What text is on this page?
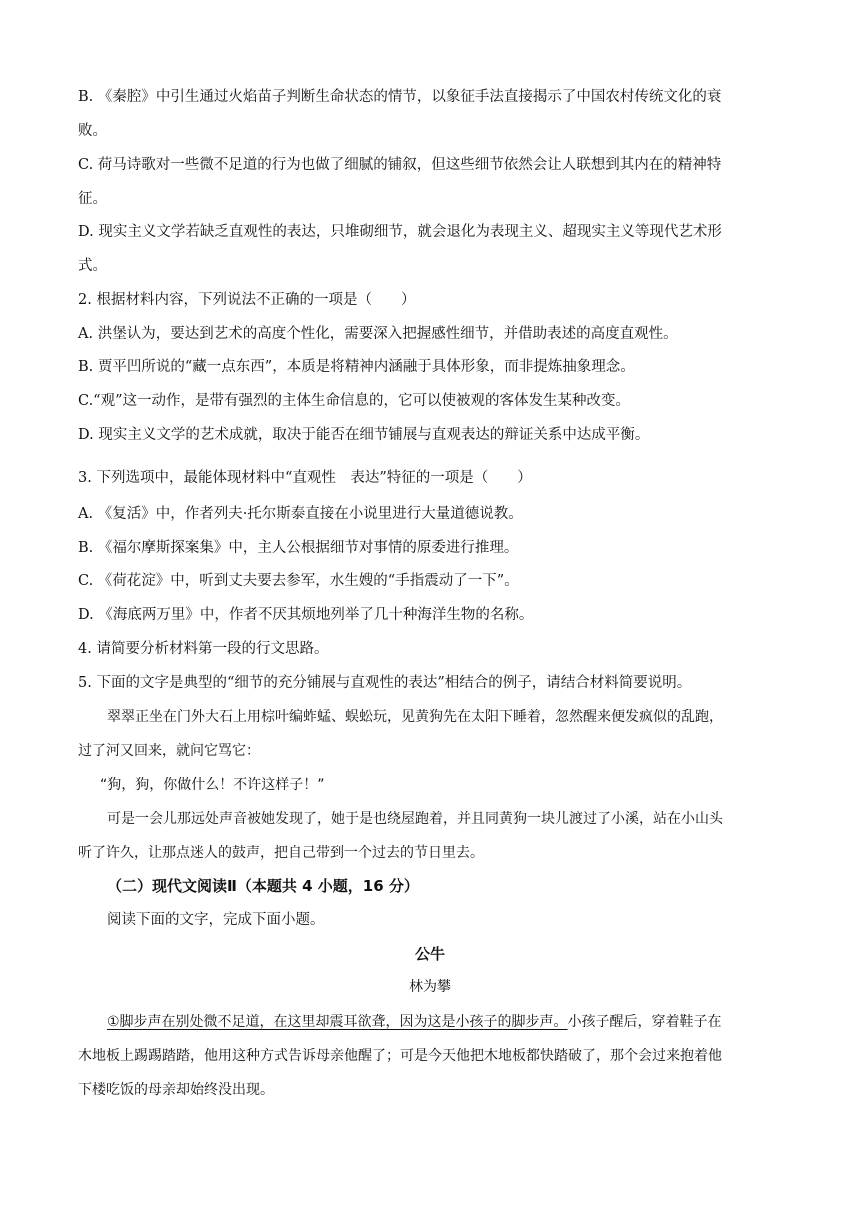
B. 《秦腔》中引生通过火焰苗子判断生命状态的情节，以象征手法直接揭示了中国农村传统文化的衰
败。
C. 荷马诗歌对一些微不足道的行为也做了细腻的铺叙，但这些细节依然会让人联想到其内在的精神特
征。
D. 现实主义文学若缺乏直观性的表达，只堆砌细节，就会退化为表现主义、超现实主义等现代艺术形
式。
2. 根据材料内容，下列说法不正确的一项是（　　）
A. 洪堡认为，要达到艺术的高度个性化，需要深入把握感性细节，并借助表述的高度直观性。
B. 贾平凹所说的“藏一点东西”，本质是将精神内涵融于具体形象，而非提炼抽象理念。
C.“观”这一动作，是带有强烈的主体生命信息的，它可以使被观的客体发生某种改变。
D. 现实主义文学的艺术成就，取决于能否在细节铺展与直观表达的辩证关系中达成平衡。
3. 下列选项中，最能体现材料中“直观性　表达”特征的一项是（　　）
A. 《复活》中，作者列夫·托尔斯泰直接在小说里进行大量道德说教。
B. 《福尔摩斯探案集》中，主人公根据细节对事情的原委进行推理。
C. 《荷花淀》中，听到丈夫要去参军，水生嫂的“手指震动了一下”。
D. 《海底两万里》中，作者不厌其烦地列举了几十种海洋生物的名称。
4. 请简要分析材料第一段的行文思路。
5. 下面的文字是典型的“细节的充分铺展与直观性的表达”相结合的例子，请结合材料简要说明。
翠翠正坐在门外大石上用棕叶编蚱蜢、蜈蚣玩，见黄狗先在太阳下睡着，忽然醒来便发疯似的乱跑，
过了河又回来，就问它骂它：
“狗，狗，你做什么！不许这样子！”
可是一会儿那远处声音被她发现了，她于是也绕屋跑着，并且同黄狗一块儿渡过了小溪，站在小山头
听了许久，让那点迷人的鼓声，把自己带到一个过去的节日里去。
（二）现代文阅读Ⅱ（本题共 4 小题，16 分）
阅读下面的文字，完成下面小题。
公牛
林为攀
①脚步声在别处微不足道，在这里却震耳欲聋，因为这是小孩子的脚步声。小孩子醒后，穿着鞋子在
木地板上踢踢踏踏，他用这种方式告诉母亲他醒了；可是今天他把木地板都快踏破了，那个会过来抱着他
下楼吃饭的母亲却始终没出现。
